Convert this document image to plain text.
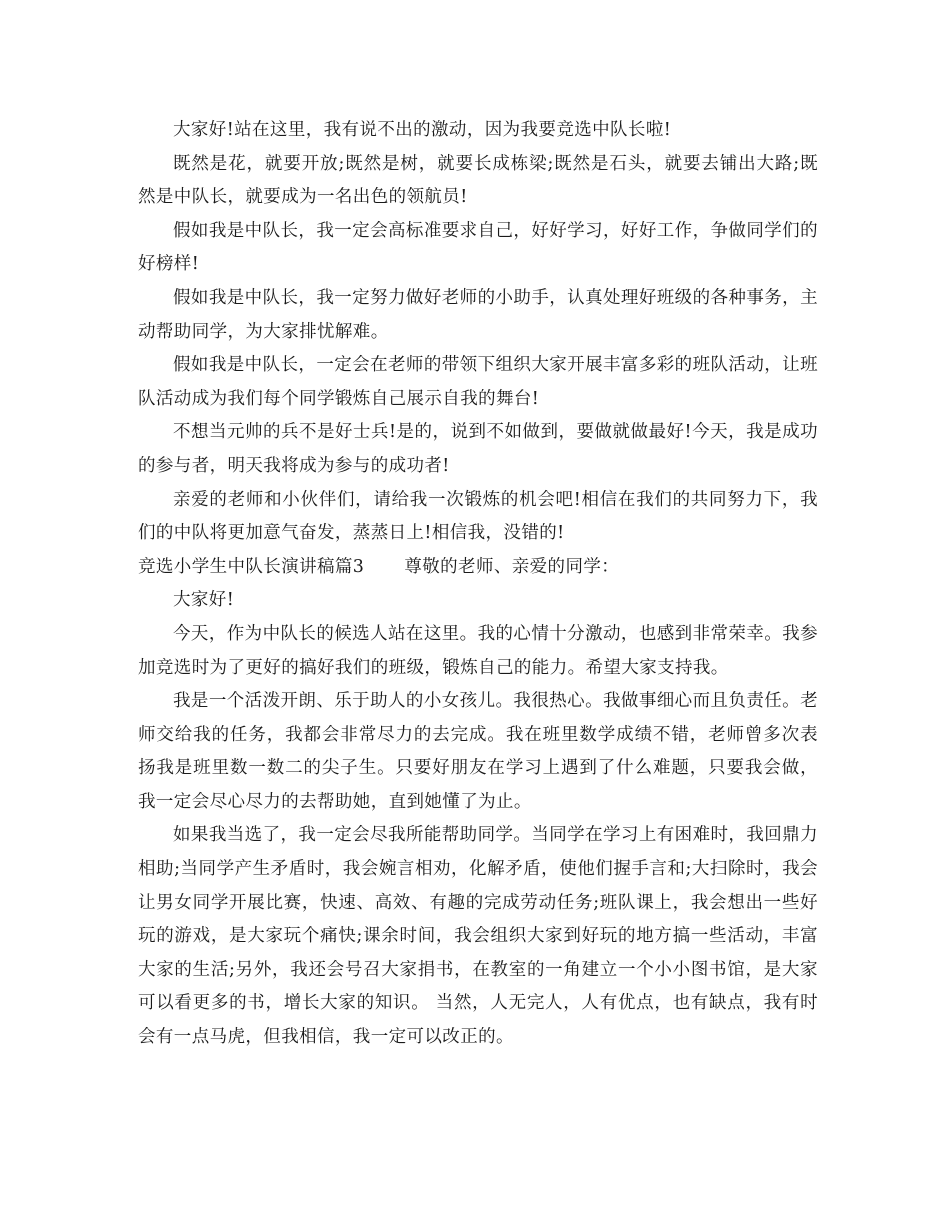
大家好!站在这里，我有说不出的激动，因为我要竞选中队长啦!

既然是花，就要开放;既然是树，就要长成栋梁;既然是石头，就要去铺出大路;既然是中队长，就要成为一名出色的领航员!

假如我是中队长，我一定会高标准要求自己，好好学习，好好工作，争做同学们的好榜样!

假如我是中队长，我一定努力做好老师的小助手，认真处理好班级的各种事务，主动帮助同学，为大家排忧解难。

假如我是中队长，一定会在老师的带领下组织大家开展丰富多彩的班队活动，让班队活动成为我们每个同学锻炼自己展示自我的舞台!

不想当元帅的兵不是好士兵!是的，说到不如做到，要做就做最好!今天，我是成功的参与者，明天我将成为参与的成功者!

亲爱的老师和小伙伴们，请给我一次锻炼的机会吧!相信在我们的共同努力下，我们的中队将更加意气奋发，蒸蒸日上!相信我，没错的!

竞选小学生中队长演讲稿篇3 尊敬的老师、亲爱的同学：

大家好!

今天，作为中队长的候选人站在这里。我的心情十分激动，也感到非常荣幸。我参加竞选时为了更好的搞好我们的班级，锻炼自己的能力。希望大家支持我。

我是一个活泼开朗、乐于助人的小女孩儿。我很热心。我做事细心而且负责任。老师交给我的任务，我都会非常尽力的去完成。我在班里数学成绩不错，老师曾多次表扬我是班里数一数二的尖子生。只要好朋友在学习上遇到了什么难题，只要我会做，我一定会尽心尽力的去帮助她，直到她懂了为止。

如果我当选了，我一定会尽我所能帮助同学。当同学在学习上有困难时，我回鼎力相助;当同学产生矛盾时，我会婉言相劝，化解矛盾，使他们握手言和;大扫除时，我会让男女同学开展比赛，快速、高效、有趣的完成劳动任务;班队课上，我会想出一些好玩的游戏，是大家玩个痛快;课余时间，我会组织大家到好玩的地方搞一些活动，丰富大家的生活;另外，我还会号召大家捐书，在教室的一角建立一个小小图书馆，是大家可以看更多的书，增长大家的知识。 当然，人无完人，人有优点，也有缺点，我有时会有一点马虎，但我相信，我一定可以改正的。
